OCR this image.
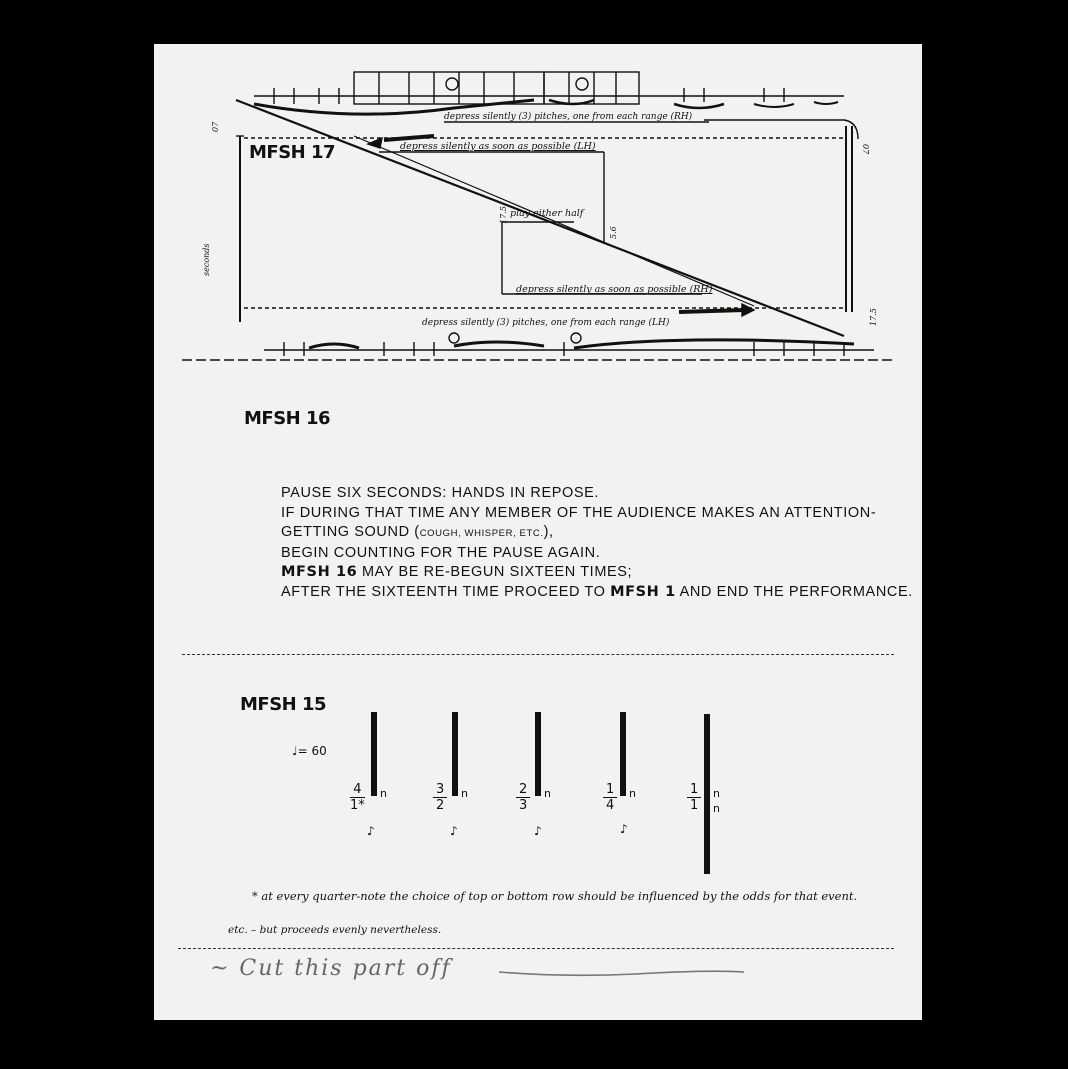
MFSH 17
depress silently (3) pitches, one from each range (RH)
depress silently as soon as possible (LH)
play either half
depress silently as soon as possible (RH)
depress silently (3) pitches, one from each range (LH)
seconds
07
07
17.5
5.6
17.5
MFSH 16
PAUSE SIX SECONDS: HANDS IN REPOSE.
IF DURING THAT TIME ANY MEMBER OF THE AUDIENCE MAKES AN ATTENTION-
GETTING SOUND (COUGH, WHISPER, ETC.),
BEGIN COUNTING FOR THE PAUSE AGAIN.
MFSH 16 MAY BE RE-BEGUN SIXTEEN TIMES;
AFTER THE SIXTEENTH TIME PROCEED TO MFSH 1 AND END THE PERFORMANCE.
MFSH 15
♩= 60
$\frac{4}{1*}$	$\frac{3}{2}$	$\frac{2}{3}$	$\frac{1}{4}$	$\frac{1}{1}$
n	n	n	n	n
n
♪	♪	♪	♪
* at every quarter-note the choice of top or bottom row should be influenced by the odds for that event.
etc. – but proceeds evenly nevertheless.
~ Cut this part off
